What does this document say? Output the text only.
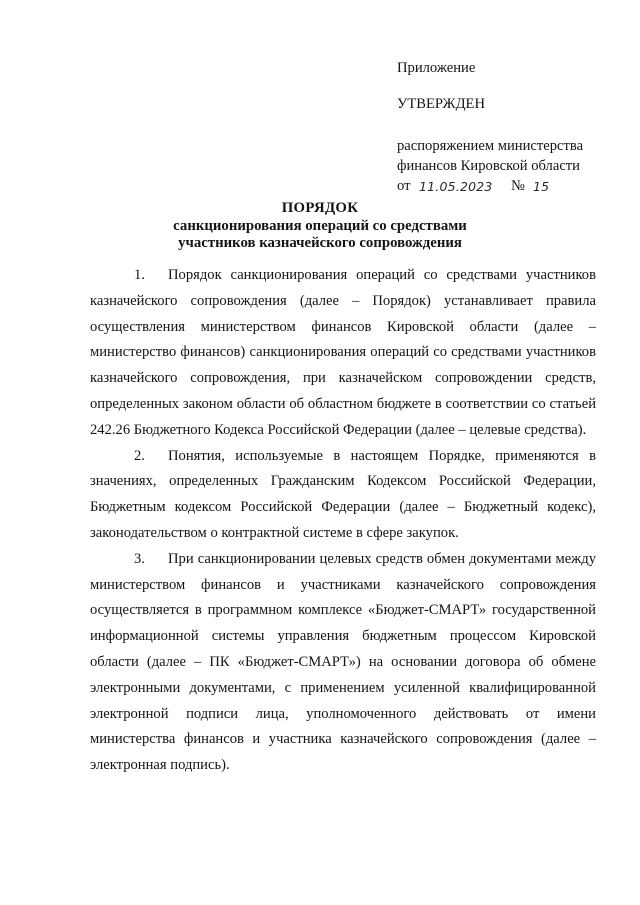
Приложение
УТВЕРЖДЕН
распоряжением министерства
финансов Кировской области
от 11.05.2023 № 15
ПОРЯДОК
санкционирования операций со средствами
участников казначейского сопровождения

1. Порядок санкционирования операций со средствами участников казначейского сопровождения (далее – Порядок) устанавливает правила осуществления министерством финансов Кировской области (далее – министерство финансов) санкционирования операций со средствами участников казначейского сопровождения, при казначейском сопровождении средств, определенных законом области об областном бюджете в соответствии со статьей 242.26 Бюджетного Кодекса Российской Федерации (далее – целевые средства).

2. Понятия, используемые в настоящем Порядке, применяются в значениях, определенных Гражданским Кодексом Российской Федерации, Бюджетным кодексом Российской Федерации (далее – Бюджетный кодекс), законодательством о контрактной системе в сфере закупок.

3. При санкционировании целевых средств обмен документами между министерством финансов и участниками казначейского сопровождения осуществляется в программном комплексе «Бюджет-СМАРТ» государственной информационной системы управления бюджетным процессом Кировской области (далее – ПК «Бюджет-СМАРТ») на основании договора об обмене электронными документами, с применением усиленной квалифицированной электронной подписи лица, уполномоченного действовать от имени министерства финансов и участника казначейского сопровождения (далее – электронная подпись).
